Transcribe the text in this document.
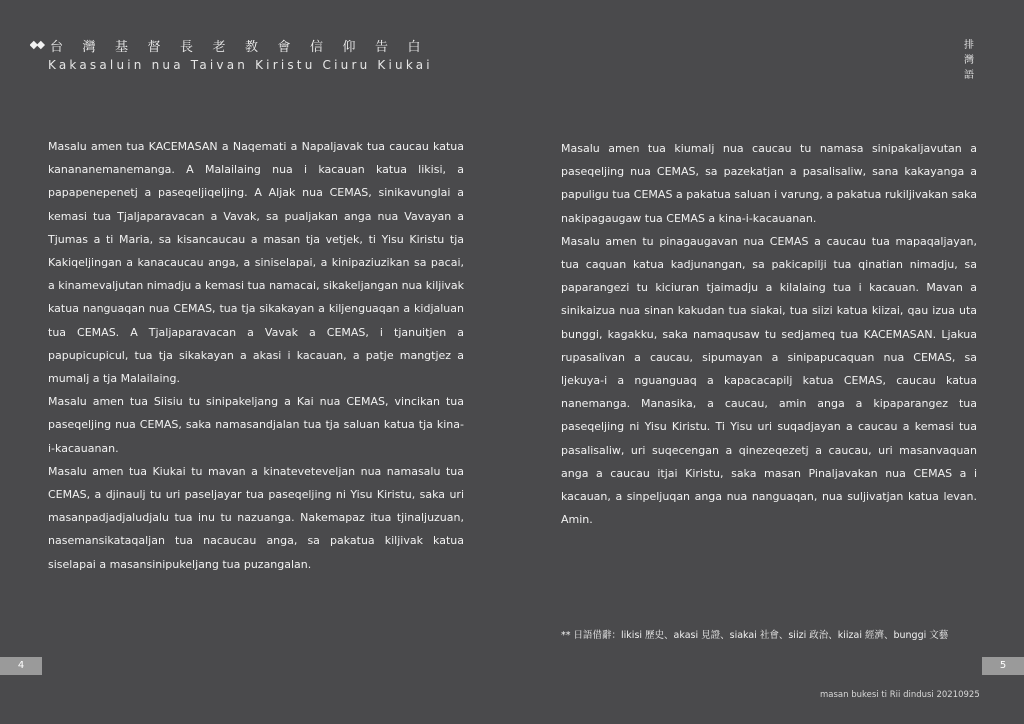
台灣基督長老教會信仰告白
Kakasaluin nua Taivan Kiristu Ciuru Kiukai
排
灣
語

Masalu amen tua KACEMASAN a Naqemati a Napaljavak tua caucau katua kanananemanemanga. A Malailaing nua i kacauan katua likisi, a papapenepenetj a paseqeljiqeljing. A Aljak nua CEMAS, sinikavunglai a kemasi tua Tjaljaparavacan a Vavak, sa pualjakan anga nua Vavayan a Tjumas a ti Maria, sa kisancaucau a masan tja vetjek, ti Yisu Kiristu tja Kakiqeljingan a kanacaucau anga, a siniselapai, a kinipaziuzikan sa pacai, a kinamevaljutan nimadju a kemasi tua namacai, sikakeljangan nua kiljivak katua nanguaqan nua CEMAS, tua tja sikakayan a kiljenguaqan a kidjaluan tua CEMAS. A Tjaljaparavacan a Vavak a CEMAS, i tjanuitjen a papupicupicul, tua tja sikakayan a akasi i kacauan, a patje mangtjez a mumalj a tja Malailaing.

Masalu amen tua Siisiu tu sinipakeljang a Kai nua CEMAS, vincikan tua paseqeljing nua CEMAS, saka namasandjalan tua tja saluan katua tja kina-i-kacauanan.

Masalu amen tua Kiukai tu mavan a kinateveteveljan nua namasalu tua CEMAS, a djinaulj tu uri paseljayar tua paseqeljing ni Yisu Kiristu, saka uri masanpadjadjaludjalu tua inu tu nazuanga. Nakemapaz itua tjinaljuzuan, nasemansikataqaljan tua nacaucau anga, sa pakatua kiljivak katua siselapai a masansinipukeljang tua puzangalan.

Masalu amen tua kiumalj nua caucau tu namasa sinipakaljavutan a paseqeljing nua CEMAS, sa pazekatjan a pasalisaliw, sana kakayanga a papuligu tua CEMAS a pakatua saluan i varung, a pakatua rukiljivakan saka nakipagaugaw tua CEMAS a kina-i-kacauanan.

Masalu amen tu pinagaugavan nua CEMAS a caucau tua mapaqaljayan, tua caquan katua kadjunangan, sa pakicapilji tua qinatian nimadju, sa paparangezi tu kiciuran tjaimadju a kilalaing tua i kacauan. Mavan a sinikaizua nua sinan kakudan tua siakai, tua siizi katua kiizai, qau izua uta bunggi, kagakku, saka namaqusaw tu sedjameq tua KACEMASAN. Ljakua rupasalivan a caucau, sipumayan a sinipapucaquan nua CEMAS, sa ljekuya-i a nguanguaq a kapacacapilj katua CEMAS, caucau katua nanemanga. Manasika, a caucau, amin anga a kipaparangez tua paseqeljing ni Yisu Kiristu. Ti Yisu uri suqadjayan a caucau a kemasi tua pasalisaliw, uri suqecengan a qinezeqezetj a caucau, uri masanvaquan anga a caucau itjai Kiristu, saka masan Pinaljavakan nua CEMAS a i kacauan, a sinpeljuqan anga nua nanguaqan, nua suljivatjan katua levan. Amin.

** 日語借辭：likisi 歷史、akasi 見證、siakai 社會、siizi 政治、kiizai 經濟、bunggi 文藝
4	5
masan bukesi ti Rii dindusi 20210925
